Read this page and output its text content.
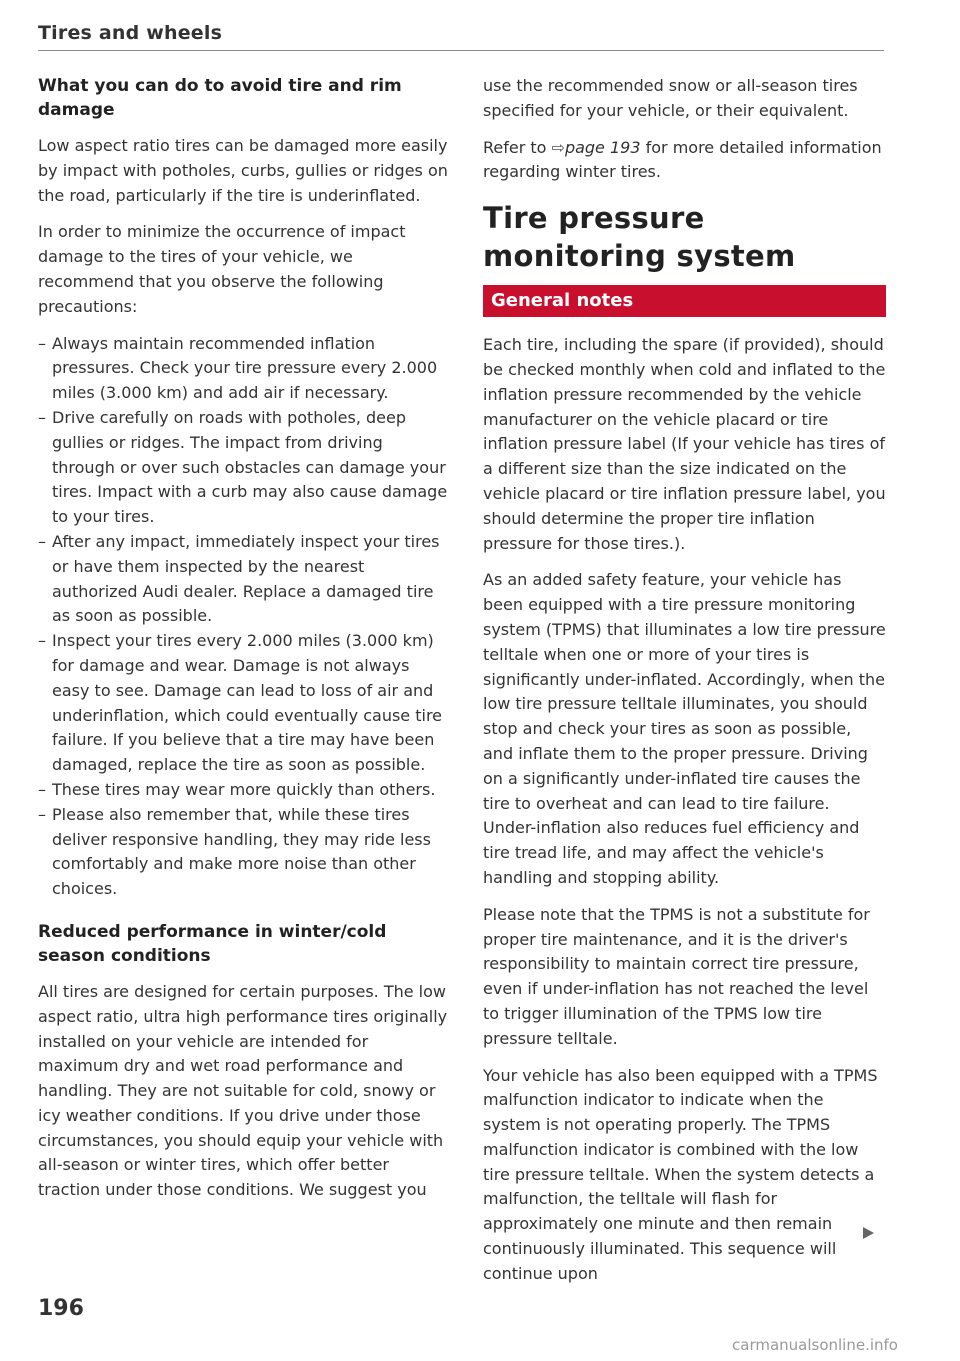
Tires and wheels
What you can do to avoid tire and rim damage

Low aspect ratio tires can be damaged more easily by impact with potholes, curbs, gullies or ridges on the road, particularly if the tire is underinflated.

In order to minimize the occurrence of impact damage to the tires of your vehicle, we recommend that you observe the following precautions:

– Always maintain recommended inflation pressures. Check your tire pressure every 2.000 miles (3.000 km) and add air if necessary.
– Drive carefully on roads with potholes, deep gullies or ridges. The impact from driving through or over such obstacles can damage your tires. Impact with a curb may also cause damage to your tires.
– After any impact, immediately inspect your tires or have them inspected by the nearest authorized Audi dealer. Replace a damaged tire as soon as possible.
– Inspect your tires every 2.000 miles (3.000 km) for damage and wear. Damage is not always easy to see. Damage can lead to loss of air and underinflation, which could eventually cause tire failure. If you believe that a tire may have been damaged, replace the tire as soon as possible.
– These tires may wear more quickly than others.
– Please also remember that, while these tires deliver responsive handling, they may ride less comfortably and make more noise than other choices.
Reduced performance in winter/cold season conditions

All tires are designed for certain purposes. The low aspect ratio, ultra high performance tires originally installed on your vehicle are intended for maximum dry and wet road performance and handling. They are not suitable for cold, snowy or icy weather conditions. If you drive under those circumstances, you should equip your vehicle with all-season or winter tires, which offer better traction under those conditions. We suggest you

use the recommended snow or all-season tires specified for your vehicle, or their equivalent.

Refer to ⇨page 193 for more detailed information regarding winter tires.

Tire pressure monitoring system
General notes

Each tire, including the spare (if provided), should be checked monthly when cold and inflated to the inflation pressure recommended by the vehicle manufacturer on the vehicle placard or tire inflation pressure label (If your vehicle has tires of a different size than the size indicated on the vehicle placard or tire inflation pressure label, you should determine the proper tire inflation pressure for those tires.).

As an added safety feature, your vehicle has been equipped with a tire pressure monitoring system (TPMS) that illuminates a low tire pressure telltale when one or more of your tires is significantly under-inflated. Accordingly, when the low tire pressure telltale illuminates, you should stop and check your tires as soon as possible, and inflate them to the proper pressure. Driving on a significantly under-inflated tire causes the tire to overheat and can lead to tire failure. Under-inflation also reduces fuel efficiency and tire tread life, and may affect the vehicle's handling and stopping ability.

Please note that the TPMS is not a substitute for proper tire maintenance, and it is the driver's responsibility to maintain correct tire pressure, even if under-inflation has not reached the level to trigger illumination of the TPMS low tire pressure telltale.

Your vehicle has also been equipped with a TPMS malfunction indicator to indicate when the system is not operating properly. The TPMS malfunction indicator is combined with the low tire pressure telltale. When the system detects a malfunction, the telltale will flash for approximately one minute and then remain continuously illuminated. This sequence will continue upon

196
carmanualsonline.info
